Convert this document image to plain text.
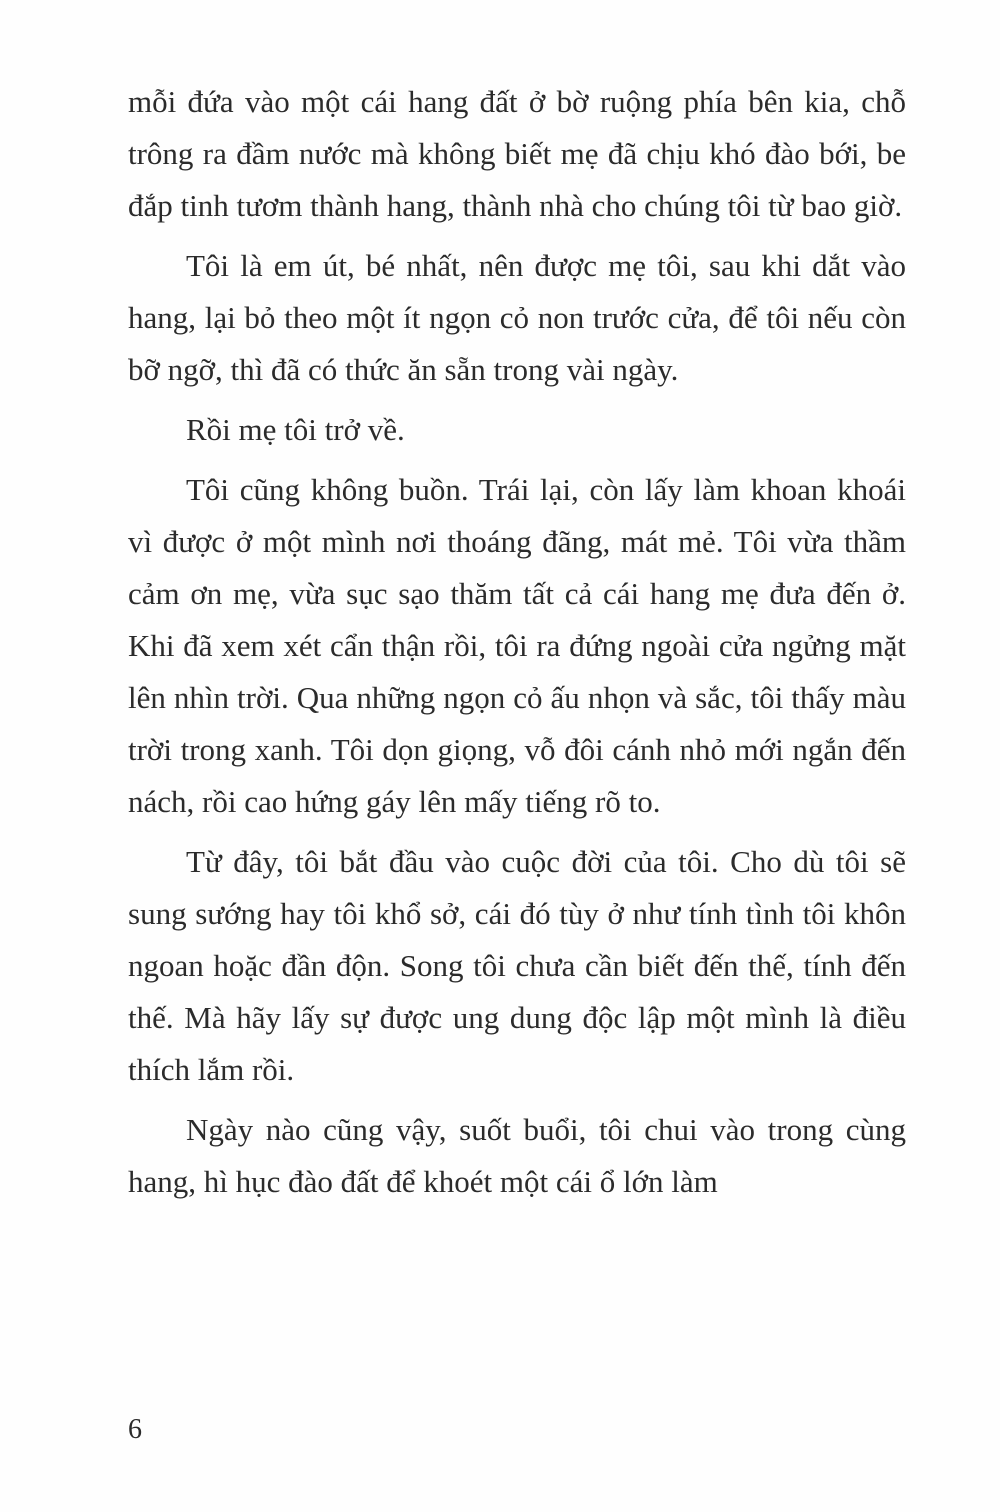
mỗi đứa vào một cái hang đất ở bờ ruộng phía bên kia, chỗ trông ra đầm nước mà không biết mẹ đã chịu khó đào bới, be đắp tinh tươm thành hang, thành nhà cho chúng tôi từ bao giờ.

Tôi là em út, bé nhất, nên được mẹ tôi, sau khi dắt vào hang, lại bỏ theo một ít ngọn cỏ non trước cửa, để tôi nếu còn bỡ ngỡ, thì đã có thức ăn sẵn trong vài ngày.

Rồi mẹ tôi trở về.

Tôi cũng không buồn. Trái lại, còn lấy làm khoan khoái vì được ở một mình nơi thoáng đãng, mát mẻ. Tôi vừa thầm cảm ơn mẹ, vừa sục sạo thăm tất cả cái hang mẹ đưa đến ở. Khi đã xem xét cẩn thận rồi, tôi ra đứng ngoài cửa ngửng mặt lên nhìn trời. Qua những ngọn cỏ ấu nhọn và sắc, tôi thấy màu trời trong xanh. Tôi dọn giọng, vỗ đôi cánh nhỏ mới ngắn đến nách, rồi cao hứng gáy lên mấy tiếng rõ to.

Từ đây, tôi bắt đầu vào cuộc đời của tôi. Cho dù tôi sẽ sung sướng hay tôi khổ sở, cái đó tùy ở như tính tình tôi khôn ngoan hoặc đần độn. Song tôi chưa cần biết đến thế, tính đến thế. Mà hãy lấy sự được ung dung độc lập một mình là điều thích lắm rồi.

Ngày nào cũng vậy, suốt buổi, tôi chui vào trong cùng hang, hì hục đào đất để khoét một cái ổ lớn làm

6
